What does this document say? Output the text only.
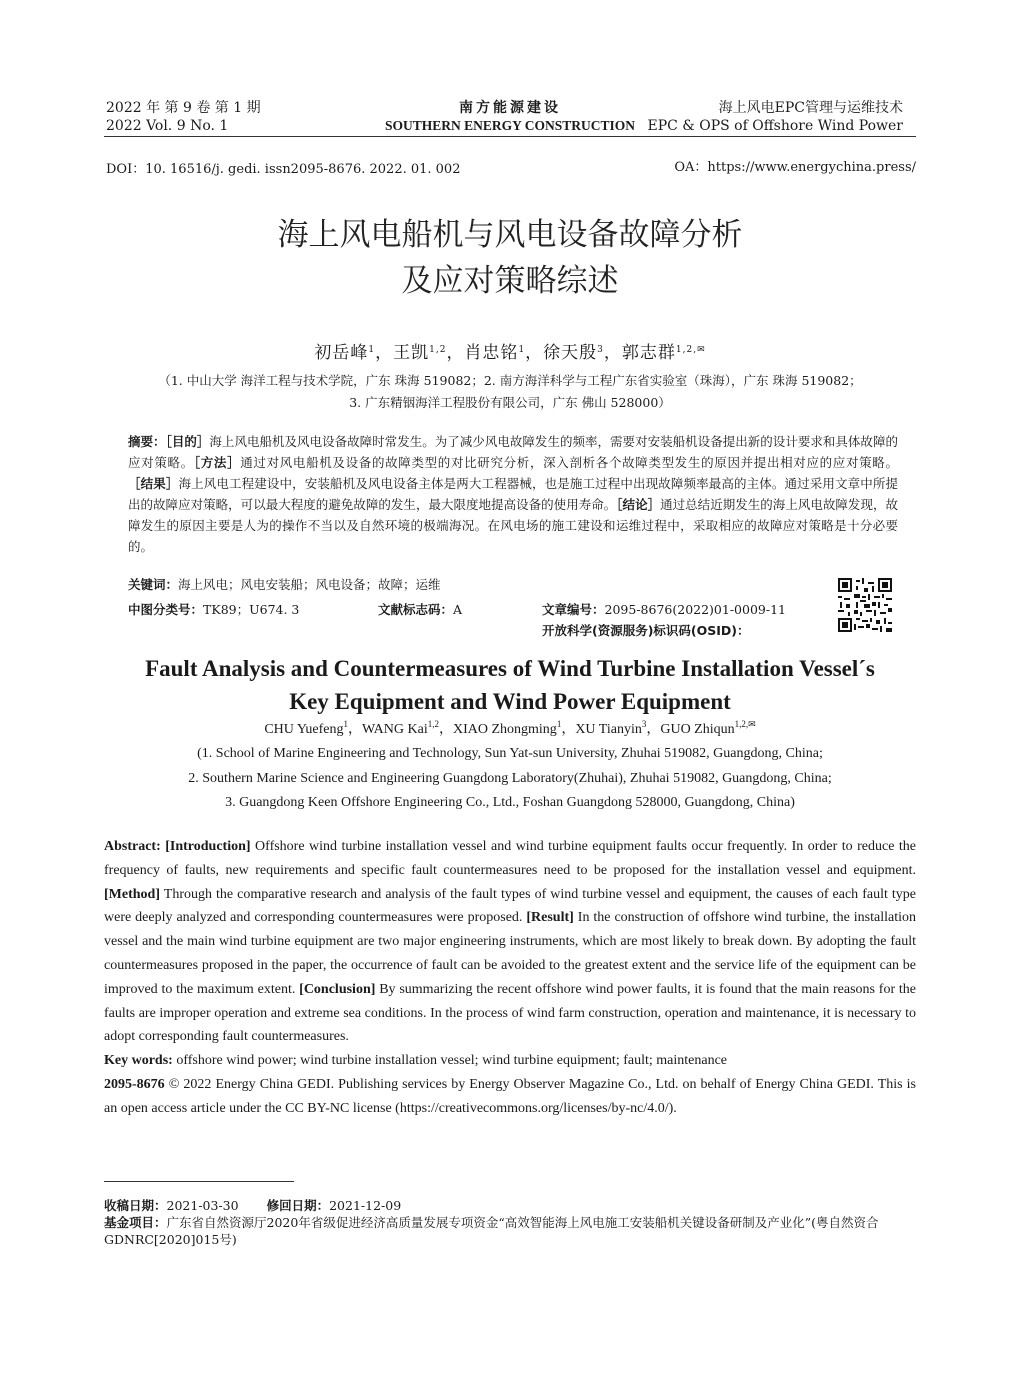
2022 年 第 9 卷 第 1 期
2022 Vol. 9 No. 1
南方能源建设
SOUTHERN ENERGY CONSTRUCTION
海上风电EPC管理与运维技术
EPC & OPS of Offshore Wind Power
DOI：10. 16516/j. gedi. issn2095-8676. 2022. 01. 002	OA：https://www.energychina.press/
海上风电船机与风电设备故障分析
及应对策略综述
初岳峰$^1$，王凯$^{1,2}$，肖忠铭$^1$，徐天殷$^3$，郭志群$^{1,2,✉}$
（1. 中山大学 海洋工程与技术学院，广东 珠海 519082；2. 南方海洋科学与工程广东省实验室（珠海），广东 珠海 519082；
3. 广东精铟海洋工程股份有限公司，广东 佛山 528000）
摘要：［目的］海上风电船机及风电设备故障时常发生。为了减少风电故障发生的频率，需要对安装船机设备提出新的设计要求和具体故障的应对策略。［方法］通过对风电船机及设备的故障类型的对比研究分析，深入剖析各个故障类型发生的原因并提出相对应的应对策略。［结果］海上风电工程建设中，安装船机及风电设备主体是两大工程器械，也是施工过程中出现故障频率最高的主体。通过采用文章中所提出的故障应对策略，可以最大程度的避免故障的发生，最大限度地提高设备的使用寿命。［结论］通过总结近期发生的海上风电故障发现，故障发生的原因主要是人为的操作不当以及自然环境的极端海况。在风电场的施工建设和运维过程中，采取相应的故障应对策略是十分必要的。
关键词：海上风电；风电安装船；风电设备；故障；运维
中图分类号：TK89；U674. 3	文献标志码：A	文章编号：2095-8676(2022)01-0009-11
开放科学(资源服务)标识码(OSID)：
Fault Analysis and Countermeasures of Wind Turbine Installation Vessel´s
Key Equipment and Wind Power Equipment
CHU Yuefeng$^1$，WANG Kai$^{1,2}$，XIAO Zhongming$^1$，XU Tianyin$^3$，GUO Zhiqun$^{1,2,✉}$
(1. School of Marine Engineering and Technology, Sun Yat-sun University, Zhuhai 519082, Guangdong, China;
2. Southern Marine Science and Engineering Guangdong Laboratory(Zhuhai), Zhuhai 519082, Guangdong, China;
3. Guangdong Keen Offshore Engineering Co., Ltd., Foshan Guangdong 528000, Guangdong, China)
Abstract: [Introduction] Offshore wind turbine installation vessel and wind turbine equipment faults occur frequently. In order to reduce the frequency of faults, new requirements and specific fault countermeasures need to be proposed for the installation vessel and equipment. [Method] Through the comparative research and analysis of the fault types of wind turbine vessel and equipment, the causes of each fault type were deeply analyzed and corresponding countermeasures were proposed. [Result] In the construction of offshore wind turbine, the installation vessel and the main wind turbine equipment are two major engineering instruments, which are most likely to break down. By adopting the fault countermeasures proposed in the paper, the occurrence of fault can be avoided to the greatest extent and the service life of the equipment can be improved to the maximum extent. [Conclusion] By summarizing the recent offshore wind power faults, it is found that the main reasons for the faults are improper operation and extreme sea conditions. In the process of wind farm construction, operation and maintenance, it is necessary to adopt corresponding fault countermeasures.
Key words: offshore wind power; wind turbine installation vessel; wind turbine equipment; fault; maintenance
2095-8676 © 2022 Energy China GEDI. Publishing services by Energy Observer Magazine Co., Ltd. on behalf of Energy China GEDI. This is an open access article under the CC BY-NC license (https://creativecommons.org/licenses/by-nc/4.0/).
收稿日期：2021-03-30 修回日期：2021-12-09
基金项目：广东省自然资源厅2020年省级促进经济高质量发展专项资金“高效智能海上风电施工安装船机关键设备研制及产业化”(粤自然资合GDNRC[2020]015号)
